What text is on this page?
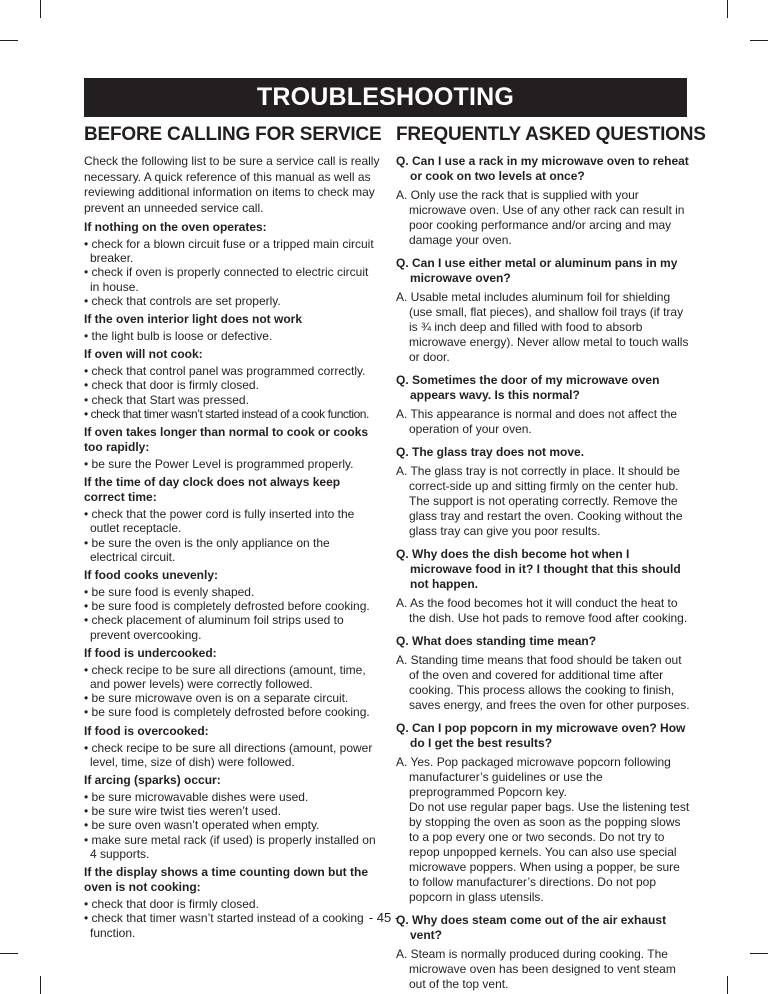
TROUBLESHOOTING
BEFORE CALLING FOR SERVICE

Check the following list to be sure a service call is really necessary. A quick reference of this manual as well as reviewing additional information on items to check may prevent an unneeded service call.

If nothing on the oven operates:
• check for a blown circuit fuse or a tripped main circuit breaker.
• check if oven is properly connected to electric circuit in house.
• check that controls are set properly.
If the oven interior light does not work
• the light bulb is loose or defective.
If oven will not cook:
• check that control panel was programmed correctly.
• check that door is firmly closed.
• check that Start was pressed.
• check that timer wasn’t started instead of a cook function.
If oven takes longer than normal to cook or cooks too rapidly:
• be sure the Power Level is programmed properly.
If the time of day clock does not always keep correct time:
• check that the power cord is fully inserted into the outlet receptacle.
• be sure the oven is the only appliance on the electrical circuit.
If food cooks unevenly:
• be sure food is evenly shaped.
• be sure food is completely defrosted before cooking.
• check placement of aluminum foil strips used to prevent overcooking.
If food is undercooked:
• check recipe to be sure all directions (amount, time, and power levels) were correctly followed.
• be sure microwave oven is on a separate circuit.
• be sure food is completely defrosted before cooking.
If food is overcooked:
• check recipe to be sure all directions (amount, power level, time, size of dish) were followed.
If arcing (sparks) occur:
• be sure microwavable dishes were used.
• be sure wire twist ties weren’t used.
• be sure oven wasn’t operated when empty.
• make sure metal rack (if used) is properly installed on 4 supports.
If the display shows a time counting down but the oven is not cooking:
• check that door is firmly closed.
• check that timer wasn’t started instead of a cooking function.
FREQUENTLY ASKED QUESTIONS
Q. Can I use a rack in my microwave oven to reheat or cook on two levels at once?
A. Only use the rack that is supplied with your microwave oven. Use of any other rack can result in poor cooking performance and/or arcing and may damage your oven.
Q. Can I use either metal or aluminum pans in my microwave oven?
A. Usable metal includes aluminum foil for shielding (use small, flat pieces), and shallow foil trays (if tray is ¾ inch deep and filled with food to absorb microwave energy). Never allow metal to touch walls or door.
Q. Sometimes the door of my microwave oven appears wavy. Is this normal?
A. This appearance is normal and does not affect the operation of your oven.
Q. The glass tray does not move.
A. The glass tray is not correctly in place. It should be correct-side up and sitting firmly on the center hub. The support is not operating correctly. Remove the glass tray and restart the oven. Cooking without the glass tray can give you poor results.
Q. Why does the dish become hot when I microwave food in it? I thought that this should not happen.
A. As the food becomes hot it will conduct the heat to the dish. Use hot pads to remove food after cooking.
Q. What does standing time mean?
A. Standing time means that food should be taken out of the oven and covered for additional time after cooking. This process allows the cooking to finish, saves energy, and frees the oven for other purposes.
Q. Can I pop popcorn in my microwave oven? How do I get the best results?
A. Yes. Pop packaged microwave popcorn following manufacturer’s guidelines or use the preprogrammed Popcorn key.
Do not use regular paper bags. Use the listening test by stopping the oven as soon as the popping slows to a pop every one or two seconds. Do not try to repop unpopped kernels. You can also use special microwave poppers. When using a popper, be sure to follow manufacturer’s directions. Do not pop popcorn in glass utensils.
Q. Why does steam come out of the air exhaust vent?
A. Steam is normally produced during cooking. The microwave oven has been designed to vent steam out of the top vent.
- 45 -
